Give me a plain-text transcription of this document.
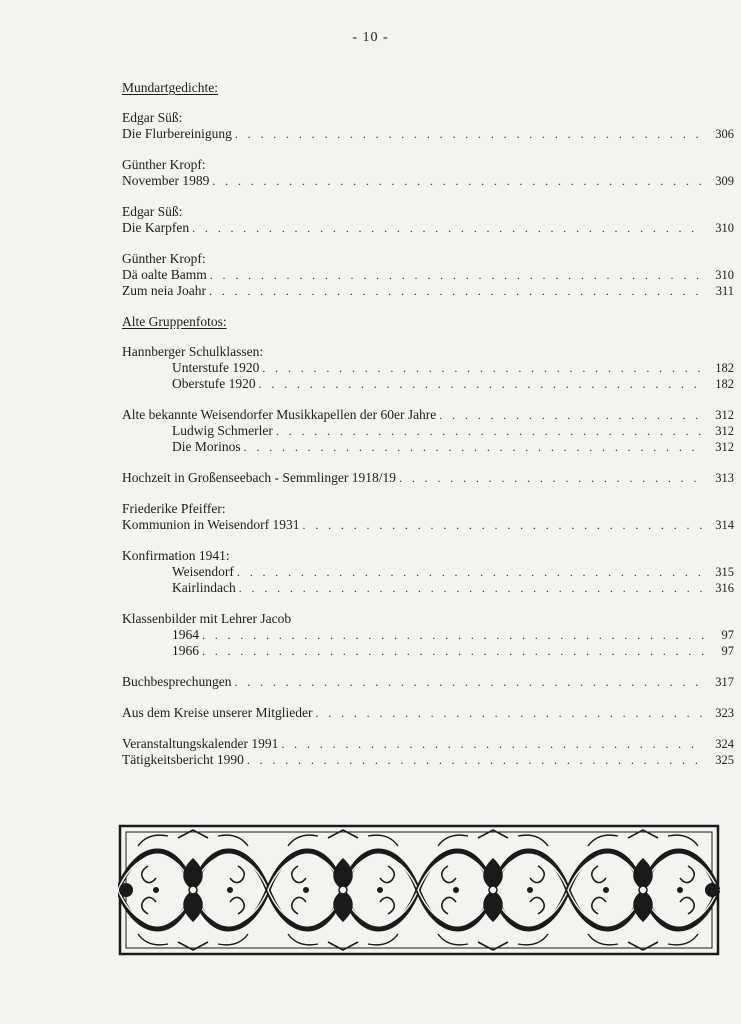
- 10 -
Mundartgedichte:
Edgar Süß:
Die Flurbereinigung . . .	306
Günther Kropf:
November 1989 . . .	309
Edgar Süß:
Die Karpfen . . .	310
Günther Kropf:
Dä oalte Bamm . . .	310
Zum neia Joahr . . .	311
Alte Gruppenfotos:
Hannberger Schulklassen:
Unterstufe 1920 . . .	182
Oberstufe 1920 . . .	182
Alte bekannte Weisendorfer Musikkapellen der 60er Jahre . . .	312
Ludwig Schmerler . . .	312
Die Morinos . . .	312
Hochzeit in Großenseebach - Semmlinger 1918/19 . . .	313
Friederike Pfeiffer:
Kommunion in Weisendorf 1931 . . .	314
Konfirmation 1941:
Weisendorf . . .	315
Kairlindach . . .	316
Klassenbilder mit Lehrer Jacob
1964 . . .	97
1966 . . .	97
Buchbesprechungen . . .	317
Aus dem Kreise unserer Mitglieder . . .	323
Veranstaltungskalender 1991 . . .	324
Tätigkeitsbericht 1990 . . .	325
